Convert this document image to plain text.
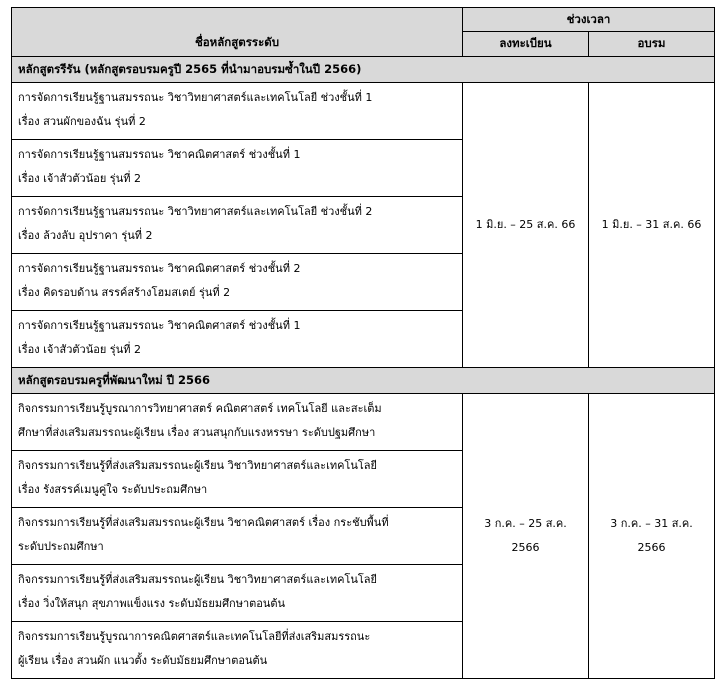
ชื่อหลักสูตรระดับ	ช่วงเวลา	
	ลงทะเบียน	อบรม
หลักสูตรรีรัน (หลักสูตรอบรมครูปี 2565 ที่นำมาอบรมซ้ำในปี 2566)		

การจัดการเรียนรู้ฐานสมรรถนะ วิชาวิทยาศาสตร์และเทคโนโลยี ช่วงชั้นที่ 1
เรื่อง สวนผักของฉัน รุ่นที่ 2	1 มิ.ย. – 25 ส.ค. 66	1 มิ.ย. – 31 ส.ค. 66

การจัดการเรียนรู้ฐานสมรรถนะ วิชาคณิตศาสตร์ ช่วงชั้นที่ 1
เรื่อง เจ้าสัวตัวน้อย รุ่นที่ 2		

การจัดการเรียนรู้ฐานสมรรถนะ วิชาวิทยาศาสตร์และเทคโนโลยี ช่วงชั้นที่ 2
เรื่อง ล้วงลับ อุปราคา รุ่นที่ 2		

การจัดการเรียนรู้ฐานสมรรถนะ วิชาคณิตศาสตร์ ช่วงชั้นที่ 2
เรื่อง คิดรอบด้าน สรรค์สร้างโฮมสเตย์ รุ่นที่ 2		

การจัดการเรียนรู้ฐานสมรรถนะ วิชาคณิตศาสตร์ ช่วงชั้นที่ 1
เรื่อง เจ้าสัวตัวน้อย รุ่นที่ 2		

หลักสูตรอบรมครูที่พัฒนาใหม่ ปี 2566		

กิจกรรมการเรียนรู้บูรณาการวิทยาศาสตร์ คณิตศาสตร์ เทคโนโลยี และสะเต็ม
ศึกษาที่ส่งเสริมสมรรถนะผู้เรียน เรื่อง สวนสนุกกับแรงหรรษา ระดับปฐมศึกษา	3 ก.ค. – 25 ส.ค. 2566	3 ก.ค. – 31 ส.ค. 2566

กิจกรรมการเรียนรู้ที่ส่งเสริมสมรรถนะผู้เรียน วิชาวิทยาศาสตร์และเทคโนโลยี
เรื่อง รังสรรค์เมนูคู่ใจ ระดับประถมศึกษา		

กิจกรรมการเรียนรู้ที่ส่งเสริมสมรรถนะผู้เรียน วิชาคณิตศาสตร์ เรื่อง กระชับพื้นที่
ระดับประถมศึกษา		

กิจกรรมการเรียนรู้ที่ส่งเสริมสมรรถนะผู้เรียน วิชาวิทยาศาสตร์และเทคโนโลยี
เรื่อง วิ่งให้สนุก สุขภาพแข็งแรง ระดับมัธยมศึกษาตอนต้น		

กิจกรรมการเรียนรู้บูรณาการคณิตศาสตร์และเทคโนโลยีที่ส่งเสริมสมรรถนะ
ผู้เรียน เรื่อง สวนผัก แนวตั้ง ระดับมัธยมศึกษาตอนต้น		
